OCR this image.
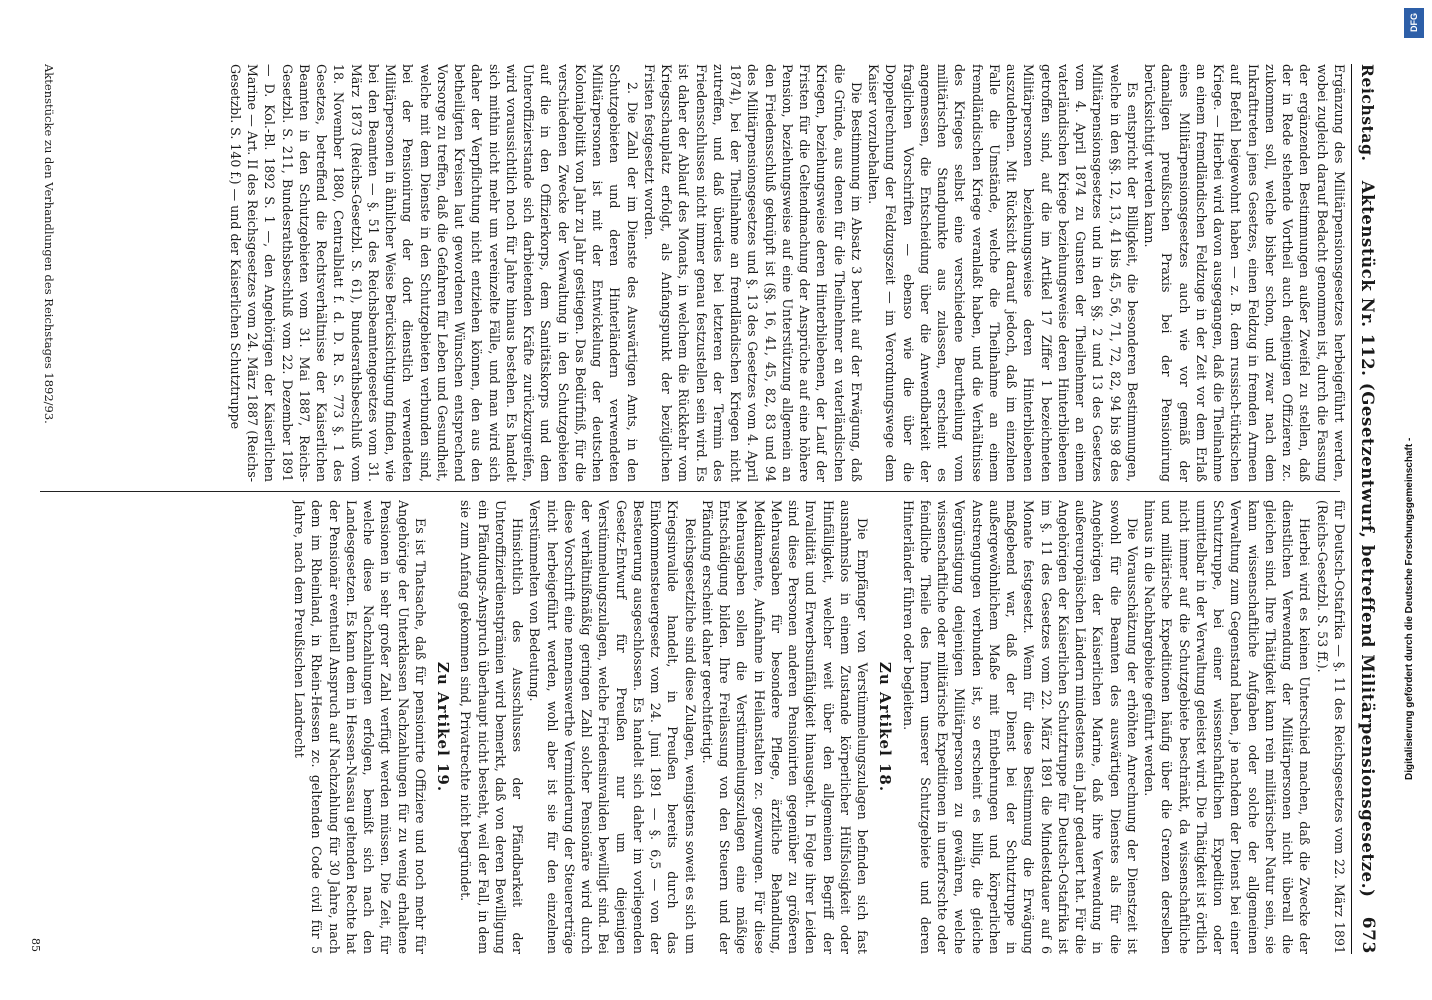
Reichstag.
Aktenstück Nr. 112. (Gesetzentwurf, betreffend Militärpensionsgesetze.)
673

Ergänzung des Militärpensionsgesetzes herbeigeführt werden, wobei zugleich darauf Bedacht genommen ist, durch die Fassung der ergänzenden Bestimmungen außer Zweifel zu stellen, daß der in Rede stehende Vortheil auch denjenigen Offizieren zc. zukommen soll, welche bisher schon, und zwar nach dem Inkrafttreten jenes Gesetzes, einen Feldzug in fremden Armeen auf Befehl beigewohnt haben — z. B. dem russisch-türkischen Kriege. — Hierbei wird davon ausgegangen, daß die Theilnahme an einem fremdländischen Feldzuge in der Zeit vor dem Erlaß eines Militärpensionsgesetzes auch wie vor gemäß der damaligen preußischen Praxis bei der Pensionirung berücksichtigt werden kann.

Es entspricht der Billigkeit, die besonderen Bestimmungen, welche in den §§. 12, 13, 41 bis 45, 56, 71, 72, 82, 94 bis 98 des Militärpensionsgesetzes und in den §§. 2 und 13 des Gesetzes vom 4. April 1874 zu Gunsten der Theilnehmer an einem vaterländischen Kriege beziehungsweise deren Hinterbliebenen getroffen sind, auf die im Artikel 17 Ziffer 1 bezeichneten Militärpersonen beziehungsweise deren Hinterbliebenen auszudehnen. Mit Rücksicht darauf jedoch, daß im einzelnen Falle die Umstände, welche die Theilnahme an einem fremdländischen Kriege veranlaßt haben, und die Verhältnisse des Krieges selbst eine verschiedene Beurtheilung vom militärischen Standpunkte aus zulassen, erscheint es angemessen, die Entscheidung über die Anwendbarkeit der fraglichen Vorschriften — ebenso wie die über die Doppelrechnung der Feldzugszeit — im Verordnungswege dem Kaiser vorzubehalten.

Die Bestimmung im Absatz 3 beruht auf der Erwägung, daß die Gründe, aus denen für die Theilnehmer an vaterländischen Kriegen, beziehungsweise deren Hinterbliebenen, der Lauf der Fristen für die Geltendmachung der Ansprüche auf eine höhere Pension, beziehungsweise auf eine Unterstützung allgemein an den Friedensschluß geknüpft ist (§§. 16, 41, 45, 82, 83 und 94 des Militärpensionsgesetzes und §. 13 des Gesetzes vom 4. April 1874), bei der Theilnahme an fremdländischen Kriegen nicht zutreffen, und daß überdies bei letzteren der Termin des Friedensschlusses nicht immer genau festzustellen sein wird. Es ist daher der Ablauf des Monats, in welchem die Rückkehr vom Kriegsschauplatz erfolgt, als Anfangspunkt der bezüglichen Fristen festgesetzt worden.

2. Die Zahl der im Dienste des Auswärtigen Amts, in den Schutzgebieten und deren Hinterländern verwendeten Militärpersonen ist mit der Entwickelung der deutschen Kolonialpolitik von Jahr zu Jahr gestiegen. Das Bedürfniß, für die verschiedenen Zwecke der Verwaltung in den Schutzgebieten auf die in den Offizierkorps, dem Sanitätskorps und dem Unteroffizierstande sich darbietenden Kräfte zurückzugreifen, wird voraussichtlich noch für Jahre hinaus bestehen. Es handelt sich mithin nicht mehr um vereinzelte Fälle, und man wird sich daher der Verpflichtung nicht entziehen können, den aus den betheiligten Kreisen laut gewordenen Wünschen entsprechend Vorsorge zu treffen, daß die Gefahren für Leben und Gesundheit, welche mit dem Dienste in den Schutzgebieten verbunden sind, bei der Pensionirung der dort dienstlich verwendeten Militärpersonen in ähnlicher Weise Berücksichtigung finden, wie bei den Beamten — §. 51 des Reichsbeamtengesetzes vom 31. März 1873 (Reichs-Gesetzbl. S. 61), Bundesrathsbeschluß vom 18. November 1880, Centralblatt f. d. D. R. S. 773 §. 1 des Gesetzes, betreffend die Rechtsverhältnisse der Kaiserlichen Beamten in den Schutzgebieten vom 31. Mai 1887, Reichs-Gesetzbl. S. 211, Bundesrathsbeschluß vom 22. Dezember 1891 — D. Kol.-Bl. 1892 S. 1 —, den Angehörigen der Kaiserlichen Marine — Art. II des Reichsgesetzes vom 24. März 1887 (Reichs-Gesetzbl. S. 140 f.) — und der Kaiserlichen Schutztruppe

Aktenstücke zu den Verhandlungen des Reichstages 1892/93.

für Deutsch-Ostafrika — §. 11 des Reichsgesetzes vom 22. März 1891 (Reichs-Gesetzbl. S. 53 ff.).

Hierbei wird es keinen Unterschied machen, daß die Zwecke der dienstlichen Verwendung der Militärpersonen nicht überall die gleichen sind. Ihre Thätigkeit kann rein militärischer Natur sein, sie kann wissenschaftliche Aufgaben oder solche der allgemeinen Verwaltung zum Gegenstand haben, je nachdem der Dienst bei einer Schutztruppe, bei einer wissenschaftlichen Expedition oder unmittelbar in der Verwaltung geleistet wird. Die Thätigkeit ist örtlich nicht immer auf die Schutzgebiete beschränkt, da wissenschaftliche und militärische Expeditionen häufig über die Grenzen derselben hinaus in die Nachbargebiete geführt werden.

Die Vorausschätzung der erhöhten Anrechnung der Dienstzeit ist sowohl für die Beamten des auswärtigen Dienstes als für die Angehörigen der Kaiserlichen Marine, daß ihre Verwendung in außereuropäischen Ländern mindestens ein Jahr gedauert hat. Für die Angehörigen der Kaiserlichen Schutztruppe für Deutsch-Ostafrika ist im §. 11 des Gesetzes vom 22. März 1891 die Mindestdauer auf 6 Monate festgesetzt. Wenn für diese Bestimmung die Erwägung maßgebend war, daß der Dienst bei der Schutztruppe in außergewöhnlichem Maße mit Entbehrungen und körperlichen Anstrengungen verbunden ist, so erscheint es billig, die gleiche Vergünstigung denjenigen Militärpersonen zu gewähren, welche wissenschaftliche oder militärische Expeditionen in unerforschte oder feindliche Theile des Innern unserer Schutzgebiete und deren Hinterländer führen oder begleiten.

Zu Artikel 18.

Die Empfänger von Verstümmelungszulagen befinden sich fast ausnahmslos in einem Zustande körperlicher Hülfslosigkeit oder Hinfälligkeit, welcher weit über den allgemeinen Begriff der Invalidität und Erwerbsunfähigkeit hinausgeht. In Folge ihrer Leiden sind diese Personen anderen Pensionirten gegenüber zu größeren Mehrausgaben für besondere Pflege, ärztliche Behandlung, Medikamente, Aufnahme in Heilanstalten zc. gezwungen. Für diese Mehrausgaben sollen die Verstümmelungszulagen eine mäßige Entschädigung bilden. Ihre Freilassung von den Steuern und der Pfändung erscheint daher gerechtfertigt.

Reichsgesetzliche sind diese Zulagen, wenigstens soweit es sich um Kriegsinvalide handelt, in Preußen bereits durch das Einkommensteuergesetz vom 24. Juni 1891 — §. 6,5 — von der Besteuerung ausgeschlossen. Es handelt sich daher im vorliegenden Gesetz-Entwurf für Preußen nur um diejenigen Verstümmelungszulagen, welche Friedensinvaliden bewilligt sind. Bei der verhältnißmäßig geringen Zahl solcher Pensionäre wird durch diese Vorschrift eine nennenswerthe Verminderung der Steuererträge nicht herbeigeführt werden, wohl aber ist sie für den einzelnen Verstümmelten von Bedeutung.

Hinsichtlich des Ausschlusses der Pfändbarkeit der Unteroffizierdienstprämien wird bemerkt, daß von deren Bewilligung ein Pfändungs-Anspruch überhaupt nicht besteht, weil der Fall, in dem sie zum Anfang gekommen sind, Privatrechte nicht begründet.

Zu Artikel 19.

Es ist Thatsache, daß für pensionirte Offiziere und noch mehr für Angehörige der Unterklassen Nachzahlungen für zu wenig erhaltene Pensionen in sehr großer Zahl verfügt werden müssen. Die Zeit, für welche diese Nachzahlungen erfolgen, bemißt sich nach den Landesgesetzen. Es kann dem in Hessen-Nassau geltenden Rechte hat der Pensionär eventuell Anspruch auf Nachzahlung für 30 Jahre, nach dem im Rheinland, in Rhein-Hessen zc. geltenden Code civil für 5 Jahre, nach dem Preußischen Landrecht

85
DFG
Digitalisierung gefördert durch die Deutsche Forschungsgemeinschaft -
